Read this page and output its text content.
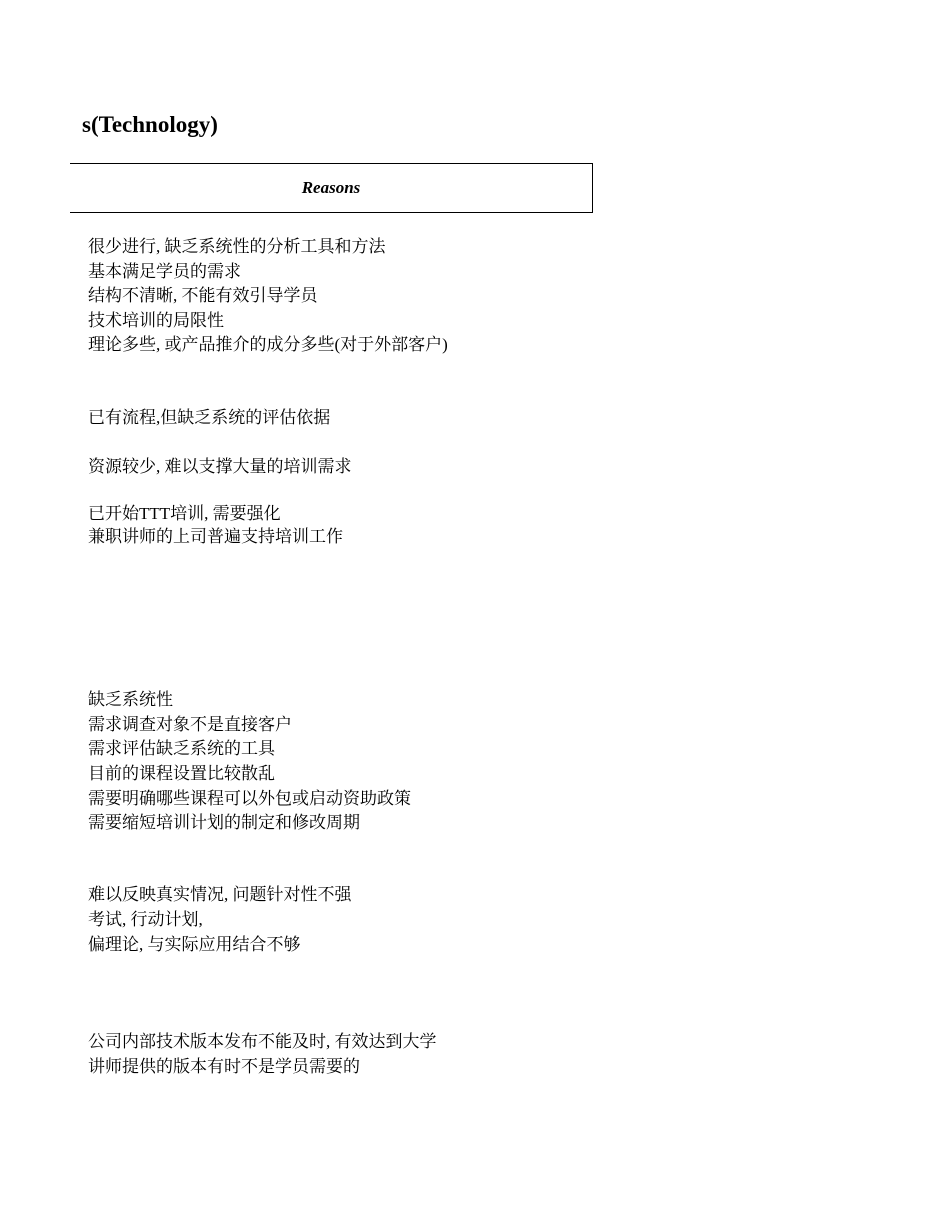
s(Technology)
Reasons
很少进行, 缺乏系统性的分析工具和方法
基本满足学员的需求
结构不清晰, 不能有效引导学员
技术培训的局限性
理论多些, 或产品推介的成分多些(对于外部客户)
已有流程,但缺乏系统的评估依据
资源较少, 难以支撑大量的培训需求
已开始TTT培训, 需要强化
兼职讲师的上司普遍支持培训工作
缺乏系统性
需求调查对象不是直接客户
需求评估缺乏系统的工具
目前的课程设置比较散乱
需要明确哪些课程可以外包或启动资助政策
需要缩短培训计划的制定和修改周期
难以反映真实情况, 问题针对性不强
考试, 行动计划,
偏理论, 与实际应用结合不够
公司内部技术版本发布不能及时, 有效达到大学
讲师提供的版本有时不是学员需要的
